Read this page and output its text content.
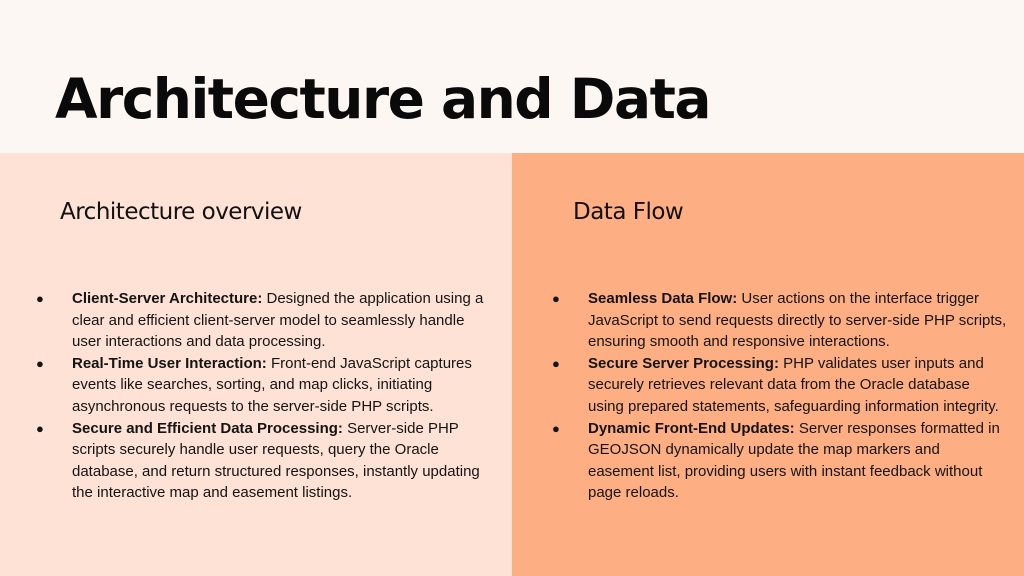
Architecture and Data
Architecture overview
● Client-Server Architecture: Designed the application using a clear and efficient client-server model to seamlessly handle user interactions and data processing.
● Real-Time User Interaction: Front-end JavaScript captures events like searches, sorting, and map clicks, initiating asynchronous requests to the server-side PHP scripts.
● Secure and Efficient Data Processing: Server-side PHP scripts securely handle user requests, query the Oracle database, and return structured responses, instantly updating the interactive map and easement listings.
Data Flow
● Seamless Data Flow: User actions on the interface trigger JavaScript to send requests directly to server-side PHP scripts, ensuring smooth and responsive interactions.
● Secure Server Processing: PHP validates user inputs and securely retrieves relevant data from the Oracle database using prepared statements, safeguarding information integrity.
● Dynamic Front-End Updates: Server responses formatted in GEOJSON dynamically update the map markers and easement list, providing users with instant feedback without page reloads.
